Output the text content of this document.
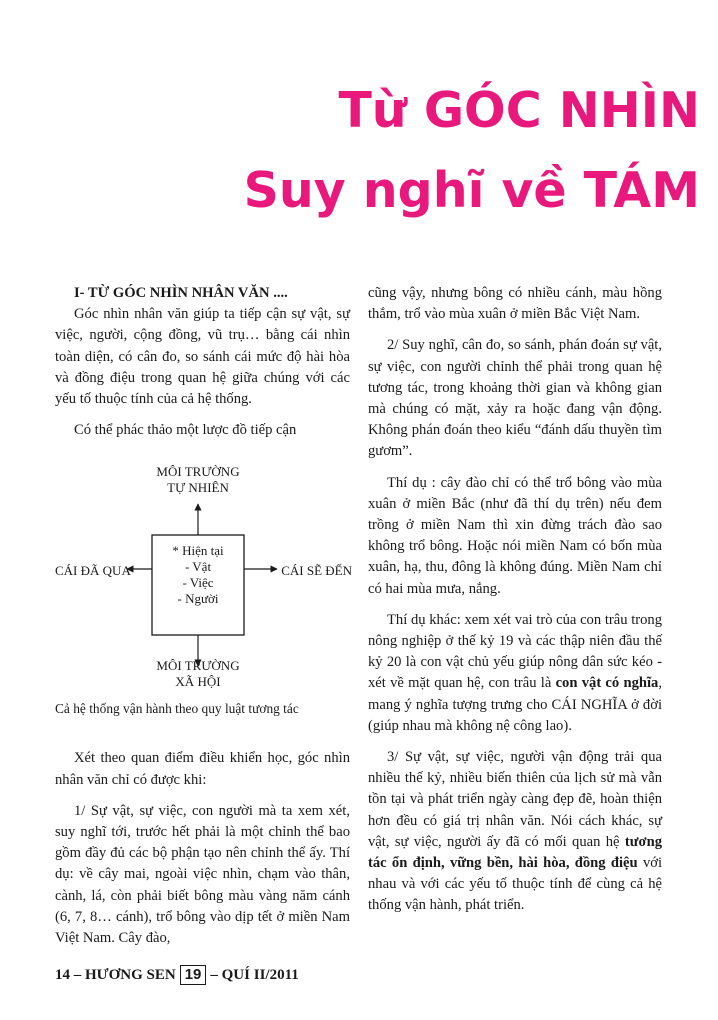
Từ GÓC NHÌN
Suy nghĩ về TÁM

I- TỪ GÓC NHÌN NHÂN VĂN ....

Góc nhìn nhân văn giúp ta tiếp cận sự vật, sự việc, người, cộng đồng, vũ trụ… bằng cái nhìn toàn diện, có cân đo, so sánh cái mức độ hài hòa và đồng điệu trong quan hệ giữa chúng với các yếu tố thuộc tính của cả hệ thống.

Có thể phác thảo một lược đồ tiếp cận

MÔI TRƯỜNG
TỰ NHIÊN
CÁI ĐÃ QUA	CÁI SẼ ĐẾN
* Hiện tại
- Vật
- Việc
- Người
MÔI TRƯỜNG
XÃ HỘI

Cả hệ thống vận hành theo quy luật tương tác

Xét theo quan điểm điều khiển học, góc nhìn nhân văn chỉ có được khi:

1/ Sự vật, sự việc, con người mà ta xem xét, suy nghĩ tới, trước hết phải là một chỉnh thể bao gồm đầy đủ các bộ phận tạo nên chỉnh thể ấy. Thí dụ: về cây mai, ngoài việc nhìn, chạm vào thân, cành, lá, còn phải biết bông màu vàng năm cánh (6, 7, 8… cánh), trổ bông vào dịp tết ở miền Nam Việt Nam. Cây đào,

cũng vậy, nhưng bông có nhiều cánh, màu hồng thắm, trổ vào mùa xuân ở miền Bắc Việt Nam.

2/ Suy nghĩ, cân đo, so sánh, phán đoán sự vật, sự việc, con người chỉnh thể phải trong quan hệ tương tác, trong khoảng thời gian và không gian mà chúng có mặt, xảy ra hoặc đang vận động. Không phán đoán theo kiểu “đánh dấu thuyền tìm gươm”.

Thí dụ : cây đào chỉ có thể trổ bông vào mùa xuân ở miền Bắc (như đã thí dụ trên) nếu đem trồng ở miền Nam thì xin đừng trách đào sao không trổ bông. Hoặc nói miền Nam có bốn mùa xuân, hạ, thu, đông là không đúng. Miền Nam chỉ có hai mùa mưa, nắng.

Thí dụ khác: xem xét vai trò của con trâu trong nông nghiệp ở thế kỷ 19 và các thập niên đầu thế kỷ 20 là con vật chủ yếu giúp nông dân sức kéo - xét về mặt quan hệ, con trâu là con vật có nghĩa, mang ý nghĩa tượng trưng cho CÁI NGHĨA ở đời (giúp nhau mà không nệ công lao).

3/ Sự vật, sự việc, người vận động trải qua nhiều thế kỷ, nhiều biến thiên của lịch sử mà vẫn tồn tại và phát triển ngày càng đẹp đẽ, hoàn thiện hơn đều có giá trị nhân văn. Nói cách khác, sự vật, sự việc, người ấy đã có mối quan hệ tương tác ổn định, vững bền, hài hòa, đồng điệu với nhau và với các yếu tố thuộc tính để cùng cả hệ thống vận hành, phát triển.

14 – HƯƠNG SEN 19 – QUÍ II/2011
